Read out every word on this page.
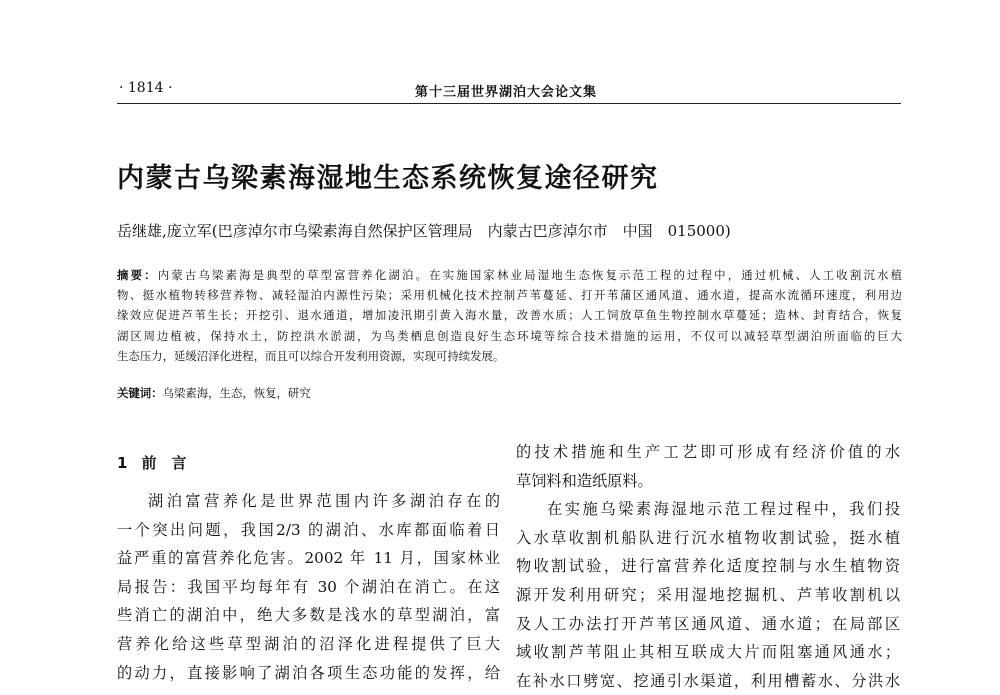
· 1814 ·	第十三届世界湖泊大会论文集
内蒙古乌梁素海湿地生态系统恢复途径研究
岳继雄,庞立军(巴彦淖尔市乌梁素海自然保护区管理局　内蒙古巴彦淖尔市　中国　015000)
摘要：内蒙古乌梁素海是典型的草型富营养化湖泊。在实施国家林业局湿地生态恢复示范工程的过程中，通过机械、人工收割沉水植
物、挺水植物转移营养物、减轻湿泊内源性污染；采用机械化技术控制芦苇蔓延、打开苇蒲区通风道、通水道，提高水流循环速度，利用边
缘效应促进芦苇生长；开挖引、退水通道，增加凌汛期引黄入海水量，改善水质；人工饲放草鱼生物控制水草蔓延；造林、封育结合，恢复
湖区周边植被，保持水土，防控洪水淤湖，为鸟类栖息创造良好生态环境等综合技术措施的运用，不仅可以减轻草型湖泊所面临的巨大
生态压力，延缓沼泽化进程，而且可以综合开发利用资源，实现可持续发展。
关键词：乌梁素海，生态，恢复，研究
1 前　言
湖泊富营养化是世界范围内许多湖泊存在的
一个突出问题，我国2/3 的湖泊、水库都面临着日
益严重的富营养化危害。2002 年 11 月，国家林业
局报告：我国平均每年有 30 个湖泊在消亡。在这
些消亡的湖泊中，绝大多数是浅水的草型湖泊，富
营养化给这些草型湖泊的沼泽化进程提供了巨大
的动力，直接影响了湖泊各项生态功能的发挥，给
的技术措施和生产工艺即可形成有经济价值的水
草饲料和造纸原料。
在实施乌梁素海湿地示范工程过程中，我们投
入水草收割机船队进行沉水植物收割试验，挺水植
物收割试验，进行富营养化适度控制与水生植物资
源开发利用研究；采用湿地挖掘机、芦苇收割机以
及人工办法打开芦苇区通风道、通水道；在局部区
域收割芦苇阻止其相互联成大片而阻塞通风通水；
在补水口劈宽、挖通引水渠道，利用槽蓄水、分洪水
